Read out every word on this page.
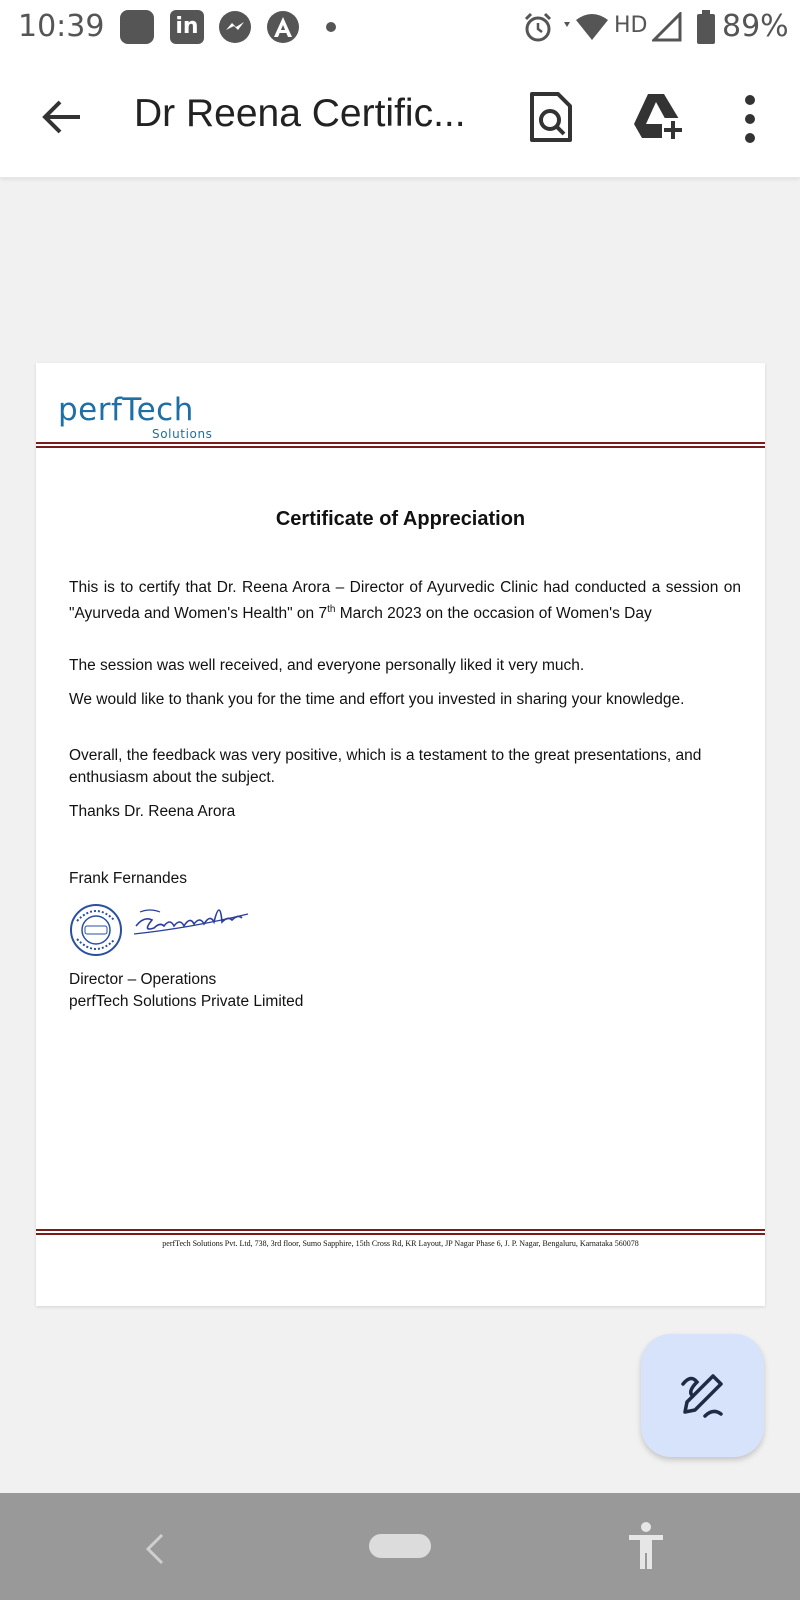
10:39	in	HD 89%
Dr Reena Certific...
perfTech
Solutions
Certificate of Appreciation

This is to certify that Dr. Reena Arora – Director of Ayurvedic Clinic had conducted a session on "Ayurveda and Women's Health" on 7th March 2023 on the occasion of Women's Day

The session was well received, and everyone personally liked it very much.

We would like to thank you for the time and effort you invested in sharing your knowledge.

Overall, the feedback was very positive, which is a testament to the great presentations, and enthusiasm about the subject.

Thanks Dr. Reena Arora

Frank Fernandes

Director – Operations

perfTech Solutions Private Limited

perfTech Solutions Pvt. Ltd, 738, 3rd floor, Sumo Sapphire, 15th Cross Rd, KR Layout, JP Nagar Phase 6, J. P. Nagar, Bengaluru, Karnataka 560078
